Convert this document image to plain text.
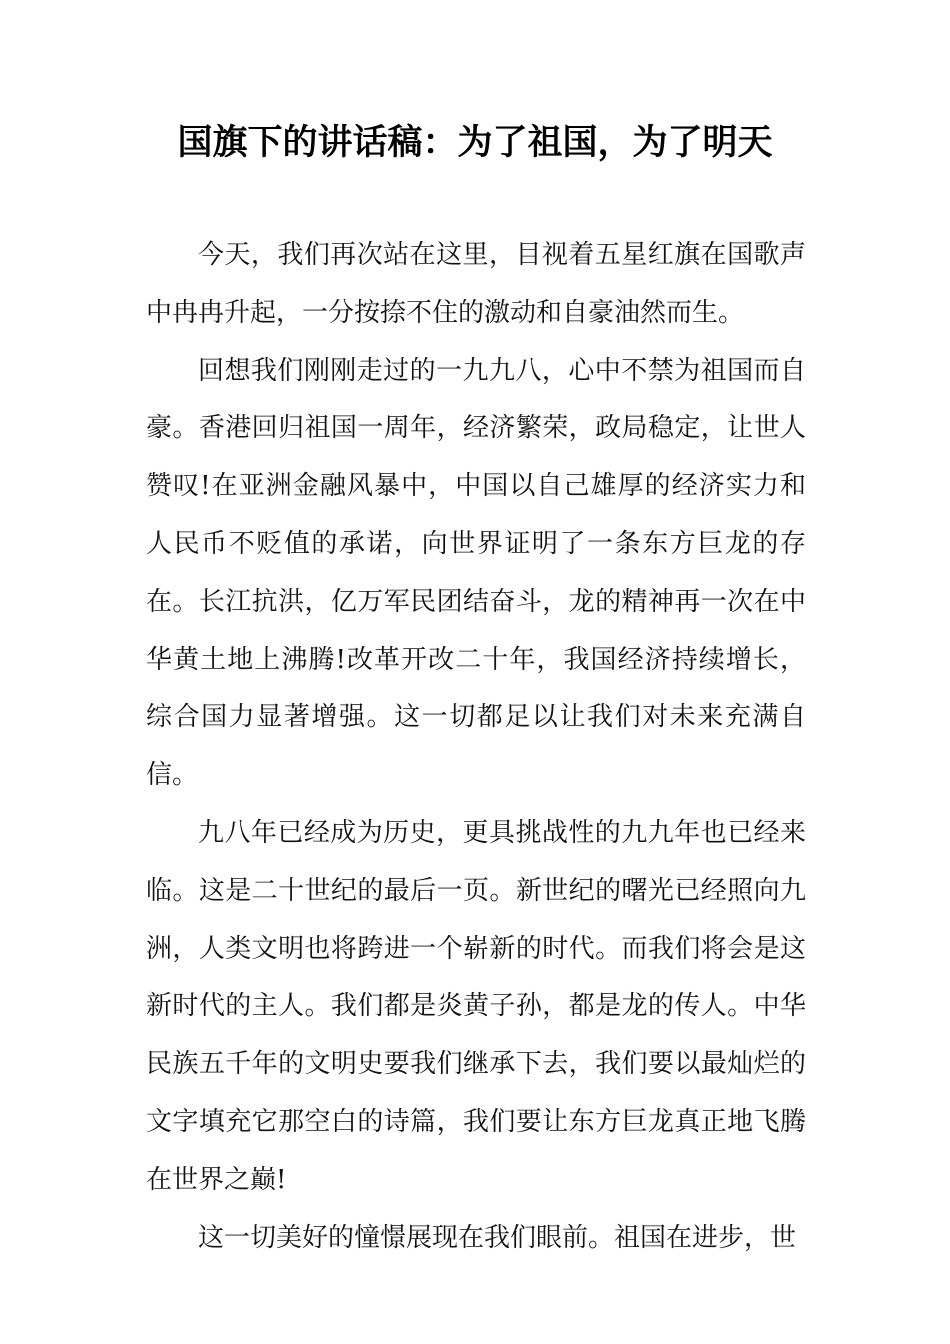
国旗下的讲话稿：为了祖国，为了明天

今天，我们再次站在这里，目视着五星红旗在国歌声中冉冉升起，一分按捺不住的激动和自豪油然而生。

回想我们刚刚走过的一九九八，心中不禁为祖国而自豪。香港回归祖国一周年，经济繁荣，政局稳定，让世人赞叹!在亚洲金融风暴中，中国以自己雄厚的经济实力和人民币不贬值的承诺，向世界证明了一条东方巨龙的存在。长江抗洪，亿万军民团结奋斗，龙的精神再一次在中华黄土地上沸腾!改革开改二十年，我国经济持续增长，综合国力显著增强。这一切都足以让我们对未来充满自信。

九八年已经成为历史，更具挑战性的九九年也已经来临。这是二十世纪的最后一页。新世纪的曙光已经照向九洲，人类文明也将跨进一个崭新的时代。而我们将会是这新时代的主人。我们都是炎黄子孙，都是龙的传人。中华民族五千年的文明史要我们继承下去，我们要以最灿烂的文字填充它那空白的诗篇，我们要让东方巨龙真正地飞腾在世界之巅!

这一切美好的憧憬展现在我们眼前。祖国在进步，世
